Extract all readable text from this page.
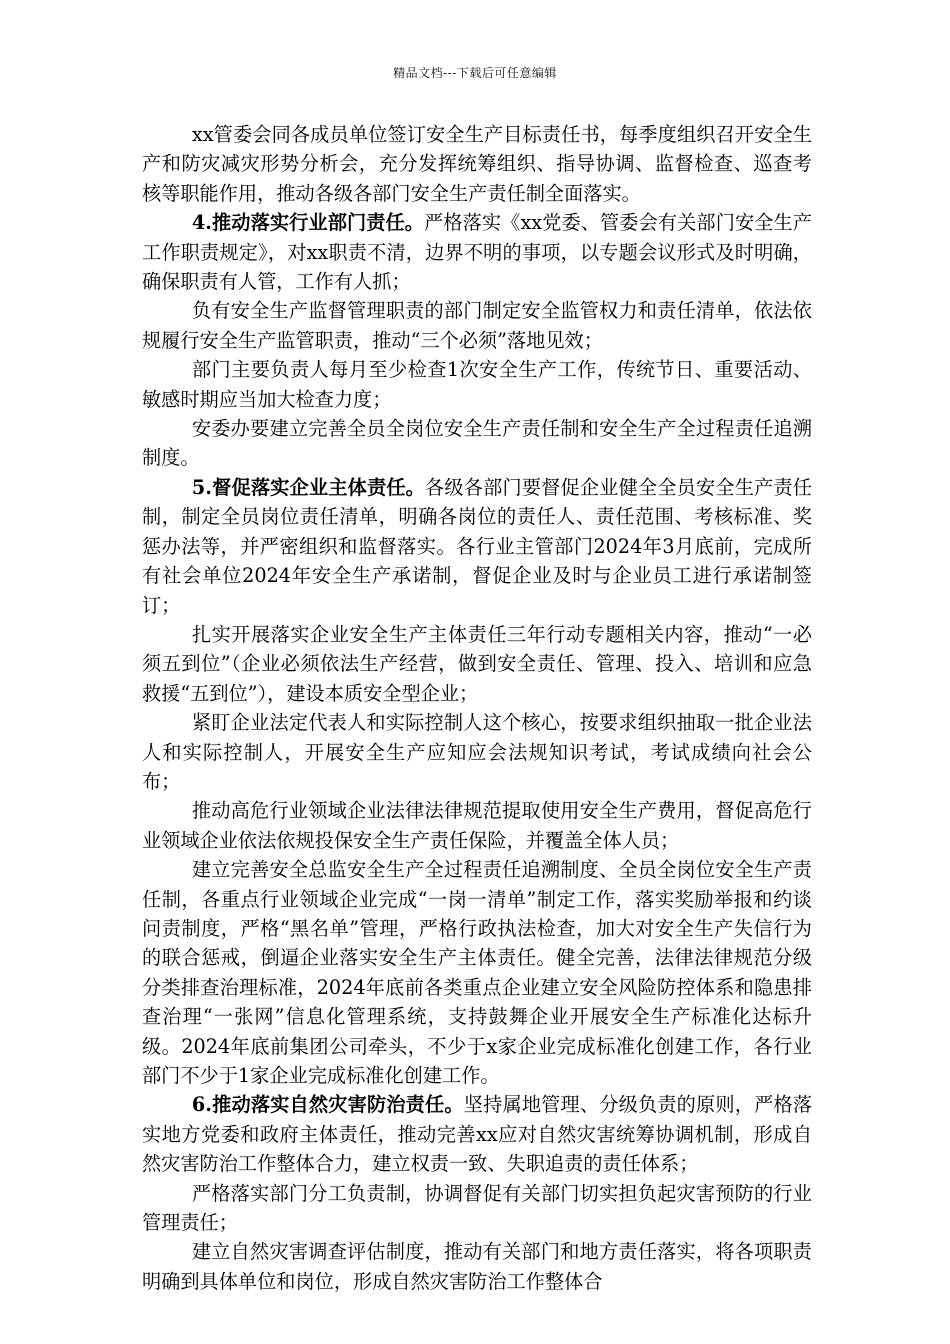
精品文档---下载后可任意编辑

xx管委会同各成员单位签订安全生产目标责任书，每季度组织召开安全生产和防灾减灾形势分析会，充分发挥统筹组织、指导协调、监督检查、巡查考核等职能作用，推动各级各部门安全生产责任制全面落实。

4.推动落实行业部门责任。严格落实《xx党委、管委会有关部门安全生产工作职责规定》，对xx职责不清，边界不明的事项，以专题会议形式及时明确，确保职责有人管，工作有人抓；

负有安全生产监督管理职责的部门制定安全监管权力和责任清单，依法依规履行安全生产监管职责，推动“三个必须”落地见效；

部门主要负责人每月至少检查1次安全生产工作，传统节日、重要活动、敏感时期应当加大检查力度；

安委办要建立完善全员全岗位安全生产责任制和安全生产全过程责任追溯制度。

5.督促落实企业主体责任。各级各部门要督促企业健全全员安全生产责任制，制定全员岗位责任清单，明确各岗位的责任人、责任范围、考核标准、奖惩办法等，并严密组织和监督落实。各行业主管部门2024年3月底前，完成所有社会单位2024年安全生产承诺制，督促企业及时与企业员工进行承诺制签订；

扎实开展落实企业安全生产主体责任三年行动专题相关内容，推动“一必须五到位”（企业必须依法生产经营，做到安全责任、管理、投入、培训和应急救援“五到位”），建设本质安全型企业；

紧盯企业法定代表人和实际控制人这个核心，按要求组织抽取一批企业法人和实际控制人，开展安全生产应知应会法规知识考试，考试成绩向社会公布；

推动高危行业领域企业法律法律规范提取使用安全生产费用，督促高危行业领域企业依法依规投保安全生产责任保险，并覆盖全体人员；

建立完善安全总监安全生产全过程责任追溯制度、全员全岗位安全生产责任制，各重点行业领域企业完成“一岗一清单”制定工作，落实奖励举报和约谈问责制度，严格“黑名单”管理，严格行政执法检查，加大对安全生产失信行为的联合惩戒，倒逼企业落实安全生产主体责任。健全完善，法律法律规范分级分类排查治理标准，2024年底前各类重点企业建立安全风险防控体系和隐患排查治理“一张网”信息化管理系统，支持鼓舞企业开展安全生产标准化达标升级。2024年底前集团公司牵头，不少于x家企业完成标准化创建工作，各行业部门不少于1家企业完成标准化创建工作。

6.推动落实自然灾害防治责任。坚持属地管理、分级负责的原则，严格落实地方党委和政府主体责任，推动完善xx应对自然灾害统筹协调机制，形成自然灾害防治工作整体合力，建立权责一致、失职追责的责任体系；

严格落实部门分工负责制，协调督促有关部门切实担负起灾害预防的行业管理责任；

建立自然灾害调查评估制度，推动有关部门和地方责任落实，将各项职责明确到具体单位和岗位，形成自然灾害防治工作整体合
